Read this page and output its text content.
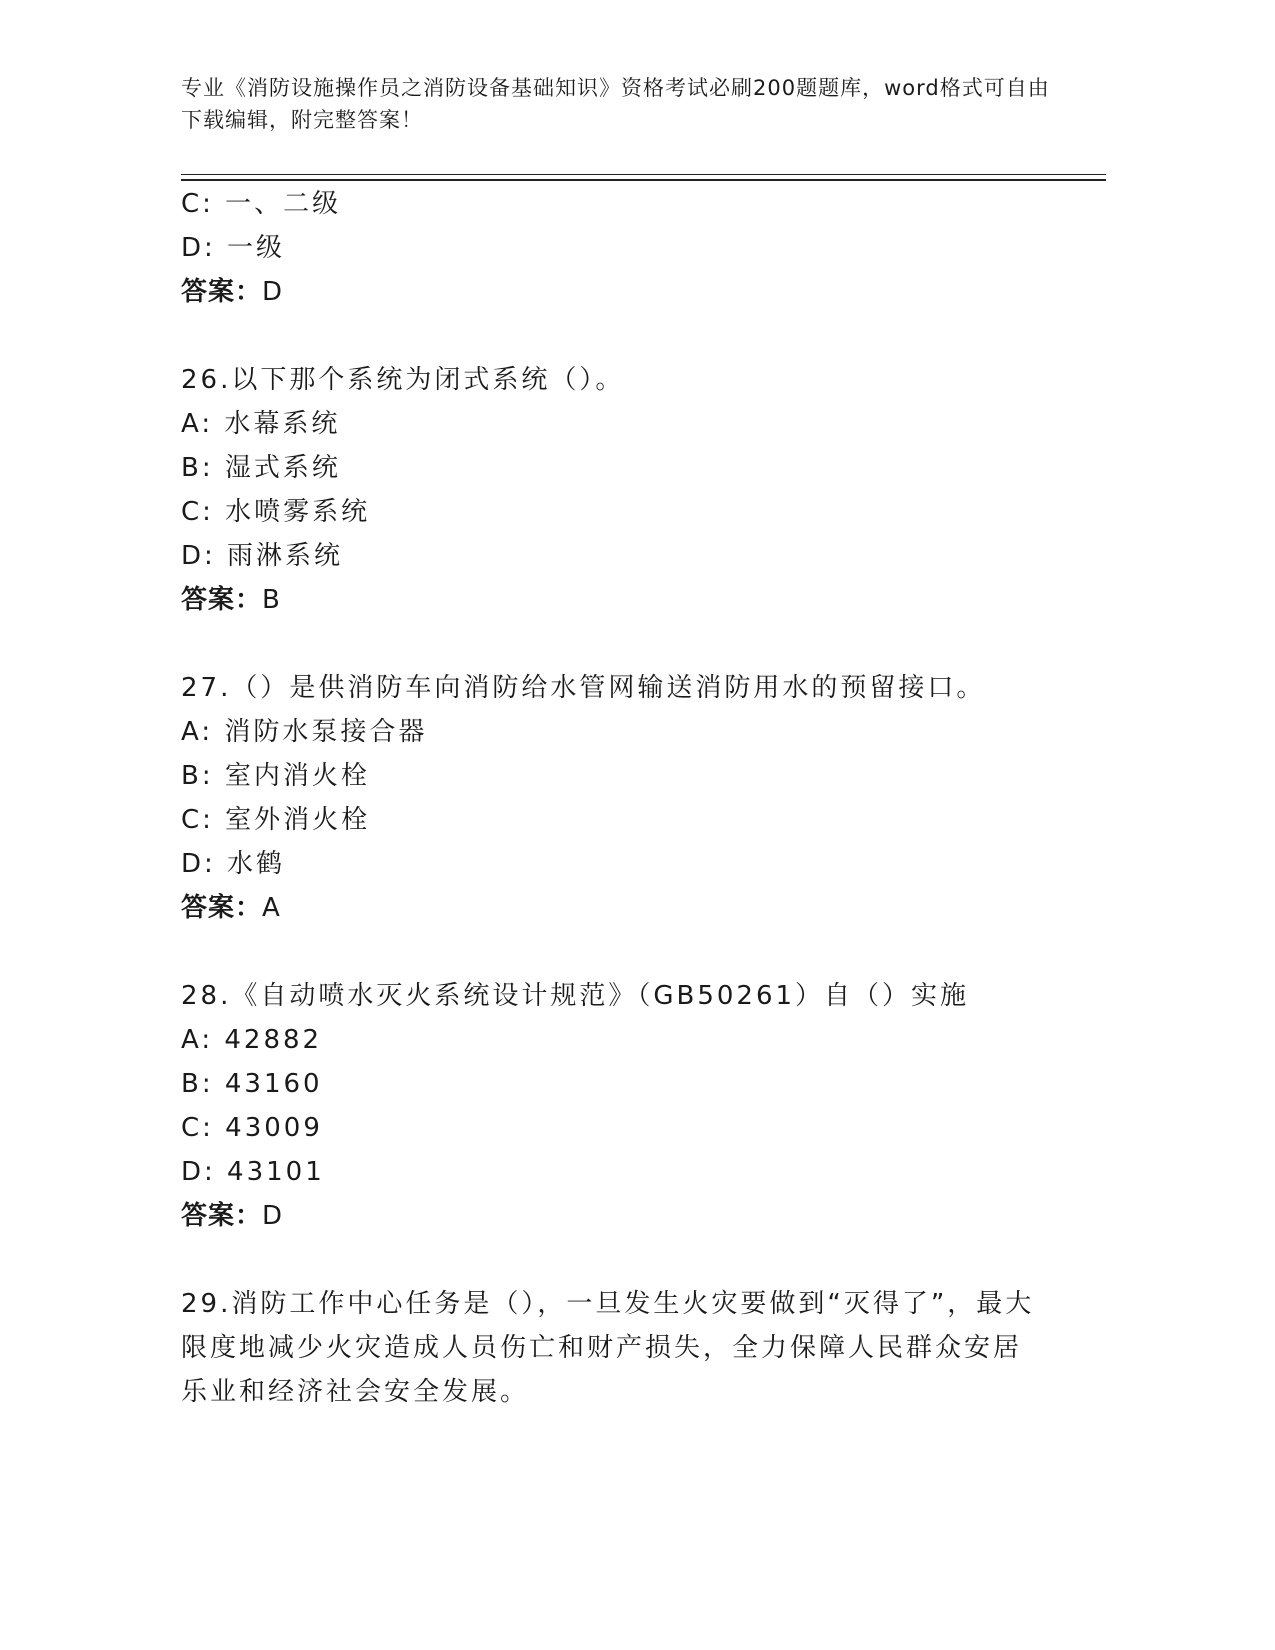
专业《消防设施操作员之消防设备基础知识》资格考试必刷200题题库，word格式可自由下载编辑，附完整答案！

C: 一、二级

D: 一级

答案：D

26.以下那个系统为闭式系统（）。

A: 水幕系统

B: 湿式系统

C: 水喷雾系统

D: 雨淋系统

答案：B

27.（）是供消防车向消防给水管网输送消防用水的预留接口。

A: 消防水泵接合器

B: 室内消火栓

C: 室外消火栓

D: 水鹤

答案：A

28.《自动喷水灭火系统设计规范》（GB50261）自（）实施

A: 42882

B: 43160

C: 43009

D: 43101

答案：D

29.消防工作中心任务是（），一旦发生火灾要做到“灭得了”，最大限度地减少火灾造成人员伤亡和财产损失，全力保障人民群众安居乐业和经济社会安全发展。
